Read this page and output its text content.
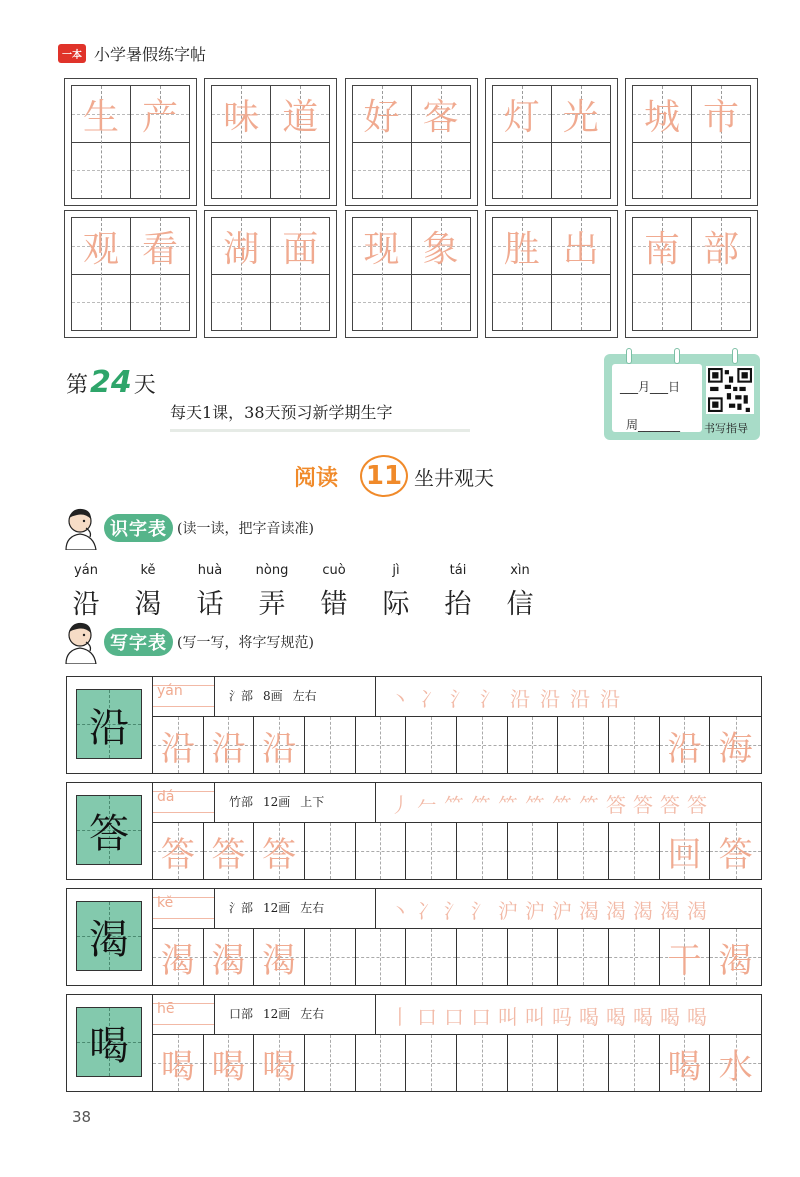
一本 小学暑假练字帖
生 产	味 道	好 客	灯 光	城 市
观 看	湖 面	现 象	胜 出	南 部
第 24 天
每天1课，38天预习新学期生字
___月___日
周_______ 书写指导
阅读 11 坐井观天
识字表 (读一读，把字音读准)
yán	kě	huà	nòng	cuò	jì	tái	xìn
沿 渴 话 弄 错 际 抬 信
写字表 (写一写，将字写规范)
沿
yán	氵部 8画 左右	丶 冫 氵 氵 沿 沿 沿 沿
沿 沿 沿	沿 海
答
dá	竹部 12画 上下	丿 𠂉 ⺮ ⺮ ⺮ ⺮ ⺮ ⺮ 答 答 答 答
答 答 答	回 答
渴
kě	氵部 12画 左右	丶 冫 氵 氵 沪 沪 沪 渴 渴 渴 渴 渴
渴 渴 渴	干 渴
喝
hē	口部 12画 左右	丨 口 口 口 叫 叫 吗 喝 喝 喝 喝 喝
喝 喝 喝	喝 水
38
